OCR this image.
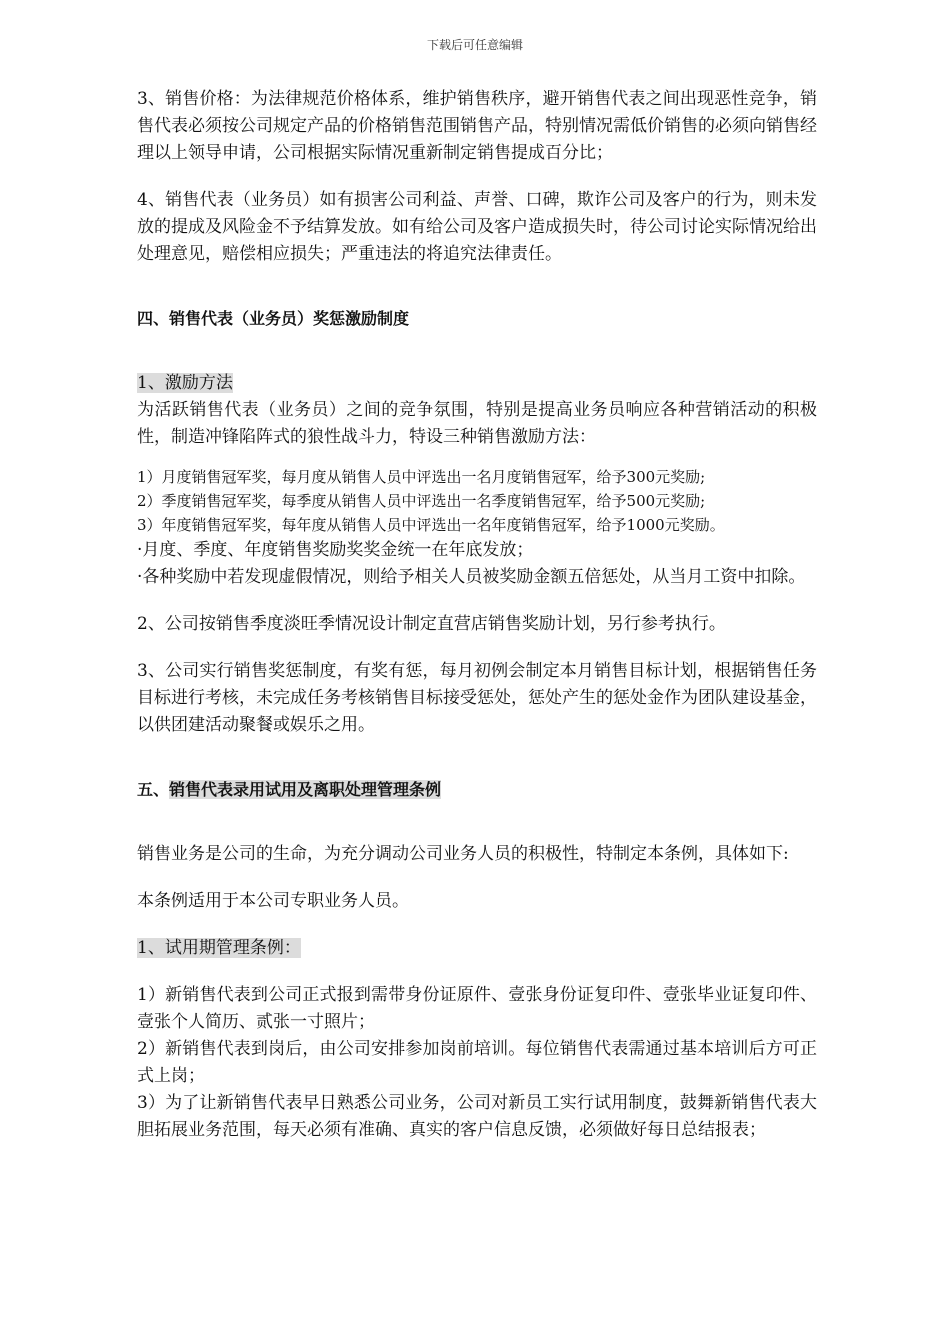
下载后可任意编辑

3、销售价格：为法律规范价格体系，维护销售秩序，避开销售代表之间出现恶性竞争，销售代表必须按公司规定产品的价格销售范围销售产品，特别情况需低价销售的必须向销售经理以上领导申请，公司根据实际情况重新制定销售提成百分比；

4、销售代表（业务员）如有损害公司利益、声誉、口碑，欺诈公司及客户的行为，则未发放的提成及风险金不予结算发放。如有给公司及客户造成损失时，待公司讨论实际情况给出处理意见，赔偿相应损失；严重违法的将追究法律责任。

四、销售代表（业务员）奖惩激励制度

1、激励方法

为活跃销售代表（业务员）之间的竞争氛围，特别是提高业务员响应各种营销活动的积极性，制造冲锋陷阵式的狼性战斗力，特设三种销售激励方法：

1）月度销售冠军奖，每月度从销售人员中评选出一名月度销售冠军，给予300元奖励;

2）季度销售冠军奖，每季度从销售人员中评选出一名季度销售冠军，给予500元奖励;

3）年度销售冠军奖，每年度从销售人员中评选出一名年度销售冠军，给予1000元奖励。

·月度、季度、年度销售奖励奖奖金统一在年底发放；

·各种奖励中若发现虚假情况，则给予相关人员被奖励金额五倍惩处，从当月工资中扣除。

2、公司按销售季度淡旺季情况设计制定直营店销售奖励计划，另行参考执行。

3、公司实行销售奖惩制度，有奖有惩，每月初例会制定本月销售目标计划，根据销售任务目标进行考核，未完成任务考核销售目标接受惩处，惩处产生的惩处金作为团队建设基金，以供团建活动聚餐或娱乐之用。

五、销售代表录用试用及离职处理管理条例

销售业务是公司的生命，为充分调动公司业务人员的积极性，特制定本条例，具体如下:

本条例适用于本公司专职业务人员。

1、试用期管理条例：

1）新销售代表到公司正式报到需带身份证原件、壹张身份证复印件、壹张毕业证复印件、壹张个人简历、贰张一寸照片；

2）新销售代表到岗后，由公司安排参加岗前培训。每位销售代表需通过基本培训后方可正式上岗；

3）为了让新销售代表早日熟悉公司业务，公司对新员工实行试用制度，鼓舞新销售代表大胆拓展业务范围，每天必须有准确、真实的客户信息反馈，必须做好每日总结报表；
